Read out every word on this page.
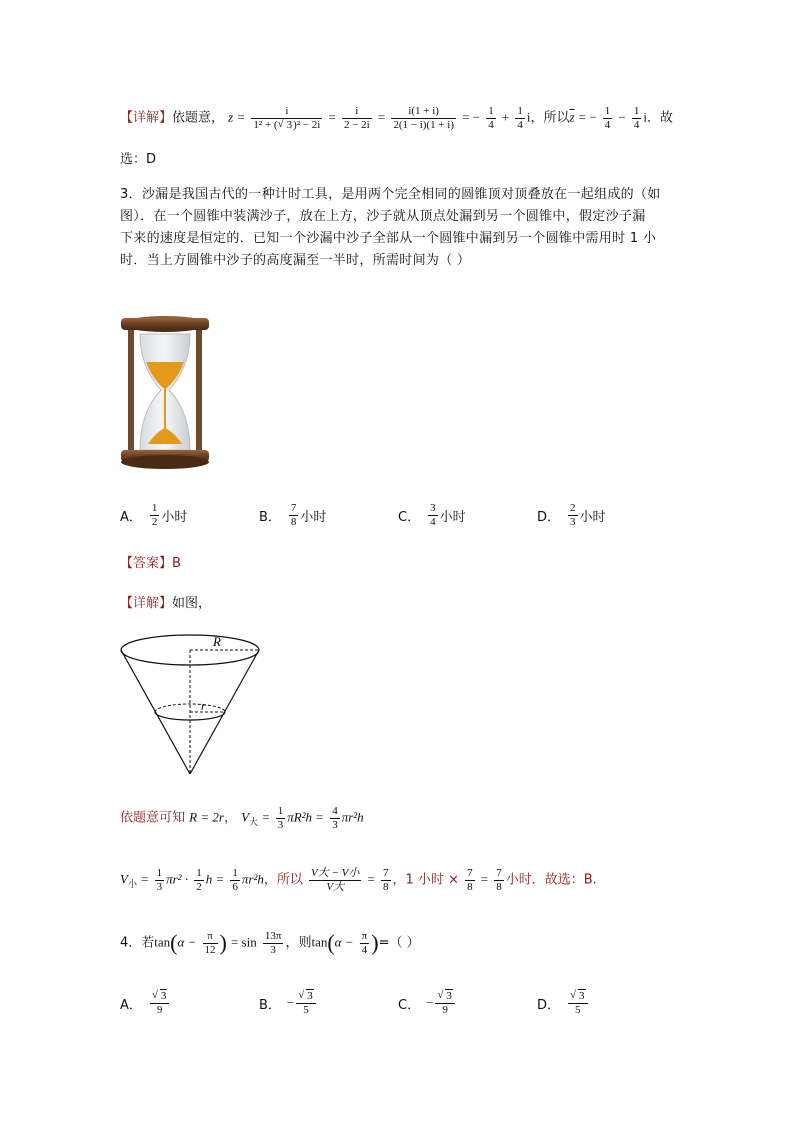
【详解】依题意， $z = \frac{i}{\text{1² + ( √ 3)² − 2i}} = \frac{i}{2 - 2i} = \frac{i(1 + i)}{2(1 - i)(1 + i)}$ = − $\frac{1}{4} + \frac{1}{4}$ i，所以$\overline{z}$ = − $\frac{1}{4} - \frac{1}{4}$ i．故
选：D
3．沙漏是我国古代的一种计时工具，是用两个完全相同的圆锥顶对顶叠放在一起组成的（如
图）．在一个圆锥中装满沙子，放在上方，沙子就从顶点处漏到另一个圆锥中，假定沙子漏
下来的速度是恒定的．已知一个沙漏中沙子全部从一个圆锥中漏到另一个圆锥中需用时 1 小
时．当上方圆锥中沙子的高度漏至一半时，所需时间为（ ）
A． $\frac{1}{2}$ 小时	B． $\frac{7}{8}$ 小时	C． $\frac{3}{4}$ 小时	D． $\frac{2}{3}$ 小时
【答案】B
【详解】如图，
R
r
依题意可知 R = 2r， $V_大 = \frac{1}{3} \pi R^2h = \frac{4}{3} \pi r^2h$
$V_小 = \frac{1}{3} \pi r^2 \cdot \frac{1}{2}$ $h = \frac{1}{6} \pi r^2h$，所以 $\frac{\text{V大 − V小}}{\text{V大}} = \frac{7}{8}$ ，1 小时 × $\frac{7}{8} = \frac{7}{8}$ 小时．故选：B.
4．若$\tan(\alpha - \frac{\pi}{12}$ ) = $\sin \frac{13\pi}{3}$ ，则$\tan(\alpha - \frac{\pi}{4}$ )=（ ）
A． √ $\frac{3}{9}$	B． − √ $\frac{3}{5}$	C． − √ $\frac{3}{9}$	D． √ $\frac{3}{5}$
